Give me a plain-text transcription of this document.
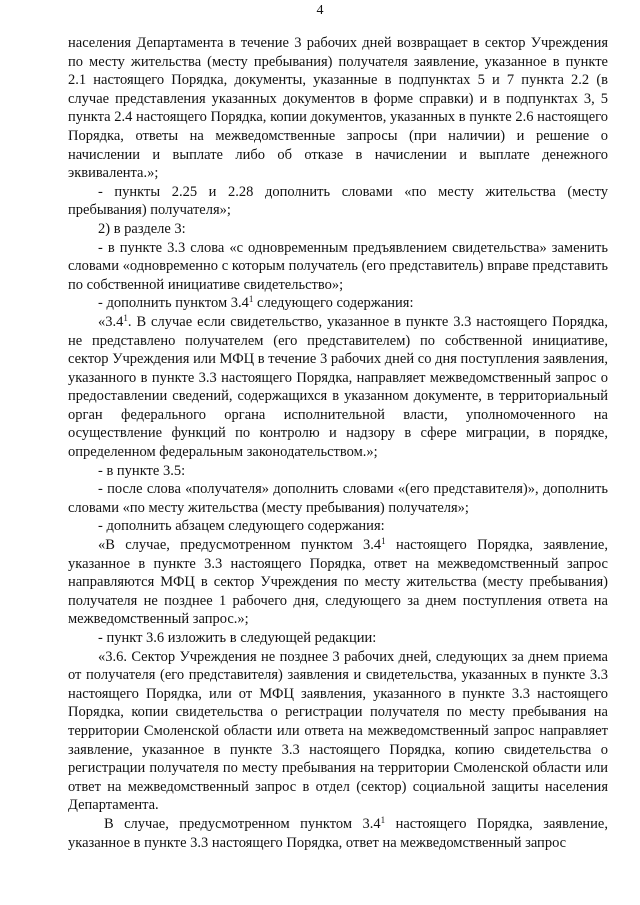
4

населения Департамента в течение 3 рабочих дней возвращает в сектор Учреждения по месту жительства (месту пребывания) получателя заявление, указанное в пункте 2.1 настоящего Порядка, документы, указанные в подпунктах 5 и 7 пункта 2.2 (в случае представления указанных документов в форме справки) и в подпунктах 3, 5 пункта 2.4 настоящего Порядка, копии документов, указанных в пункте 2.6 настоящего Порядка, ответы на межведомственные запросы (при наличии) и решение о начислении и выплате либо об отказе в начислении и выплате денежного эквивалента.»;

- пункты 2.25 и 2.28 дополнить словами «по месту жительства (месту пребывания) получателя»;

2) в разделе 3:

- в пункте 3.3 слова «с одновременным предъявлением свидетельства» заменить словами «одновременно с которым получатель (его представитель) вправе представить по собственной инициативе свидетельство»;

- дополнить пунктом $3.4^1$ следующего содержания:

«$3.4^1$. В случае если свидетельство, указанное в пункте 3.3 настоящего Порядка, не представлено получателем (его представителем) по собственной инициативе, сектор Учреждения или МФЦ в течение 3 рабочих дней со дня поступления заявления, указанного в пункте 3.3 настоящего Порядка, направляет межведомственный запрос о предоставлении сведений, содержащихся в указанном документе, в территориальный орган федерального органа исполнительной власти, уполномоченного на осуществление функций по контролю и надзору в сфере миграции, в порядке, определенном федеральным законодательством.»;

- в пункте 3.5:

- после слова «получателя» дополнить словами «(его представителя)», дополнить словами «по месту жительства (месту пребывания) получателя»;

- дополнить абзацем следующего содержания:

«В случае, предусмотренном пунктом $3.4^1$ настоящего Порядка, заявление, указанное в пункте 3.3 настоящего Порядка, ответ на межведомственный запрос направляются МФЦ в сектор Учреждения по месту жительства (месту пребывания) получателя не позднее 1 рабочего дня, следующего за днем поступления ответа на межведомственный запрос.»;

- пункт 3.6 изложить в следующей редакции:

«3.6. Сектор Учреждения не позднее 3 рабочих дней, следующих за днем приема от получателя (его представителя) заявления и свидетельства, указанных в пункте 3.3 настоящего Порядка, или от МФЦ заявления, указанного в пункте 3.3 настоящего Порядка, копии свидетельства о регистрации получателя по месту пребывания на территории Смоленской области или ответа на межведомственный запрос направляет заявление, указанное в пункте 3.3 настоящего Порядка, копию свидетельства о регистрации получателя по месту пребывания на территории Смоленской области или ответ на межведомственный запрос в отдел (сектор) социальной защиты населения Департамента.

В случае, предусмотренном пунктом $3.4^1$ настоящего Порядка, заявление, указанное в пункте 3.3 настоящего Порядка, ответ на межведомственный запрос
